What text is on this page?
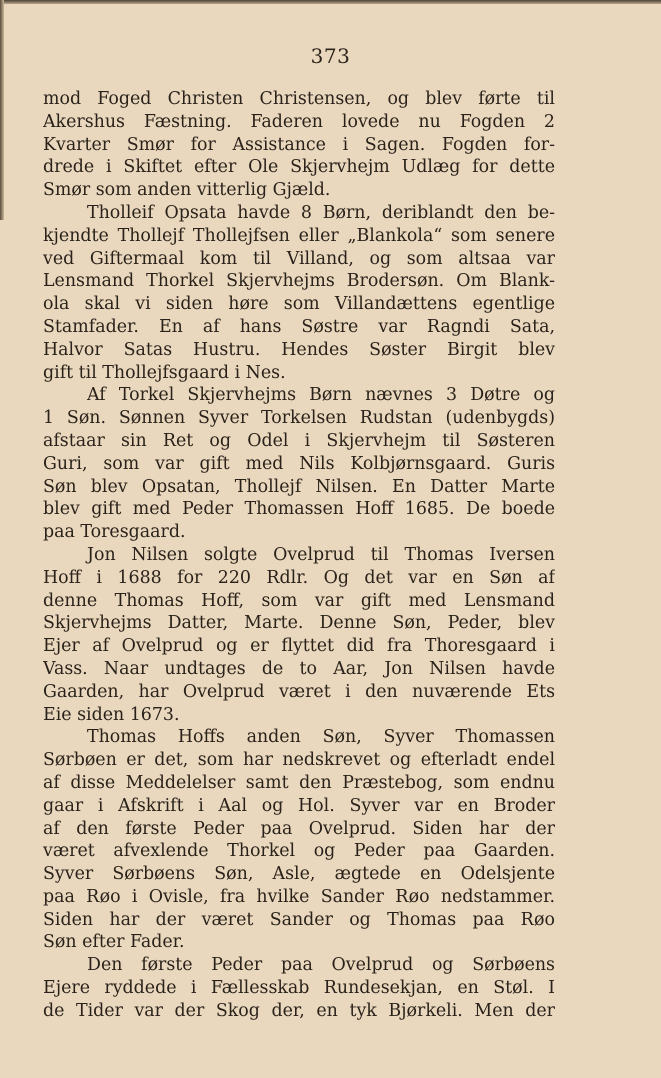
373
mod Foged Christen Christensen, og blev førte til
Akershus Fæstning. Faderen lovede nu Fogden 2
Kvarter Smør for Assistance i Sagen. Fogden for-
drede i Skiftet efter Ole Skjervhejm Udlæg for dette
Smør som anden vitterlig Gjæld.
Tholleif Opsata havde 8 Børn, deriblandt den be-
kjendte Thollejf Thollejfsen eller „Blankola“ som senere
ved Giftermaal kom til Villand, og som altsaa var
Lensmand Thorkel Skjervhejms Brodersøn. Om Blank-
ola skal vi siden høre som Villandættens egentlige
Stamfader. En af hans Søstre var Ragndi Sata,
Halvor Satas Hustru. Hendes Søster Birgit blev
gift til Thollejfsgaard i Nes.
Af Torkel Skjervhejms Børn nævnes 3 Døtre og
1 Søn. Sønnen Syver Torkelsen Rudstan (udenbygds)
afstaar sin Ret og Odel i Skjervhejm til Søsteren
Guri, som var gift med Nils Kolbjørnsgaard. Guris
Søn blev Opsatan, Thollejf Nilsen. En Datter Marte
blev gift med Peder Thomassen Hoff 1685. De boede
paa Toresgaard.
Jon Nilsen solgte Ovelprud til Thomas Iversen
Hoff i 1688 for 220 Rdlr. Og det var en Søn af
denne Thomas Hoff, som var gift med Lensmand
Skjervhejms Datter, Marte. Denne Søn, Peder, blev
Ejer af Ovelprud og er flyttet did fra Thoresgaard i
Vass. Naar undtages de to Aar, Jon Nilsen havde
Gaarden, har Ovelprud været i den nuværende Ets
Eie siden 1673.
Thomas Hoffs anden Søn, Syver Thomassen
Sørbøen er det, som har nedskrevet og efterladt endel
af disse Meddelelser samt den Præstebog, som endnu
gaar i Afskrift i Aal og Hol. Syver var en Broder
af den første Peder paa Ovelprud. Siden har der
været afvexlende Thorkel og Peder paa Gaarden.
Syver Sørbøens Søn, Asle, ægtede en Odelsjente
paa Røo i Ovisle, fra hvilke Sander Røo nedstammer.
Siden har der været Sander og Thomas paa Røo
Søn efter Fader.
Den første Peder paa Ovelprud og Sørbøens
Ejere ryddede i Fællesskab Rundesekjan, en Støl. I
de Tider var der Skog der, en tyk Bjørkeli. Men der
